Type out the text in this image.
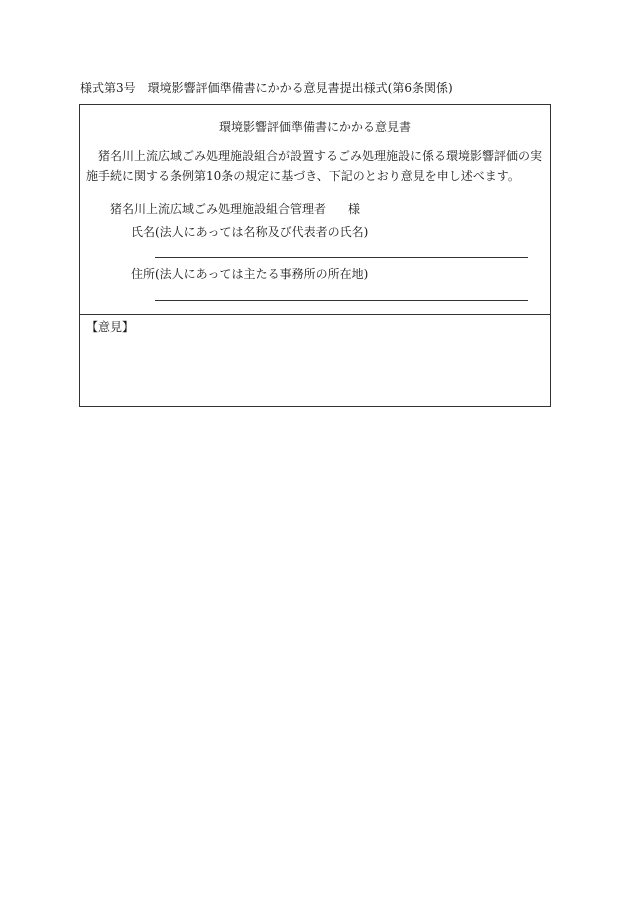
様式第3号　環境影響評価準備書にかかる意見書提出様式(第6条関係)
環境影響評価準備書にかかる意見書

猪名川上流広域ごみ処理施設組合が設置するごみ処理施設に係る環境影響評価の実施手続に関する条例第10条の規定に基づき、下記のとおり意見を申し述べます。

猪名川上流広域ごみ処理施設組合管理者 様
氏名(法人にあっては名称及び代表者の氏名)
住所(法人にあっては主たる事務所の所在地)
【意見】
